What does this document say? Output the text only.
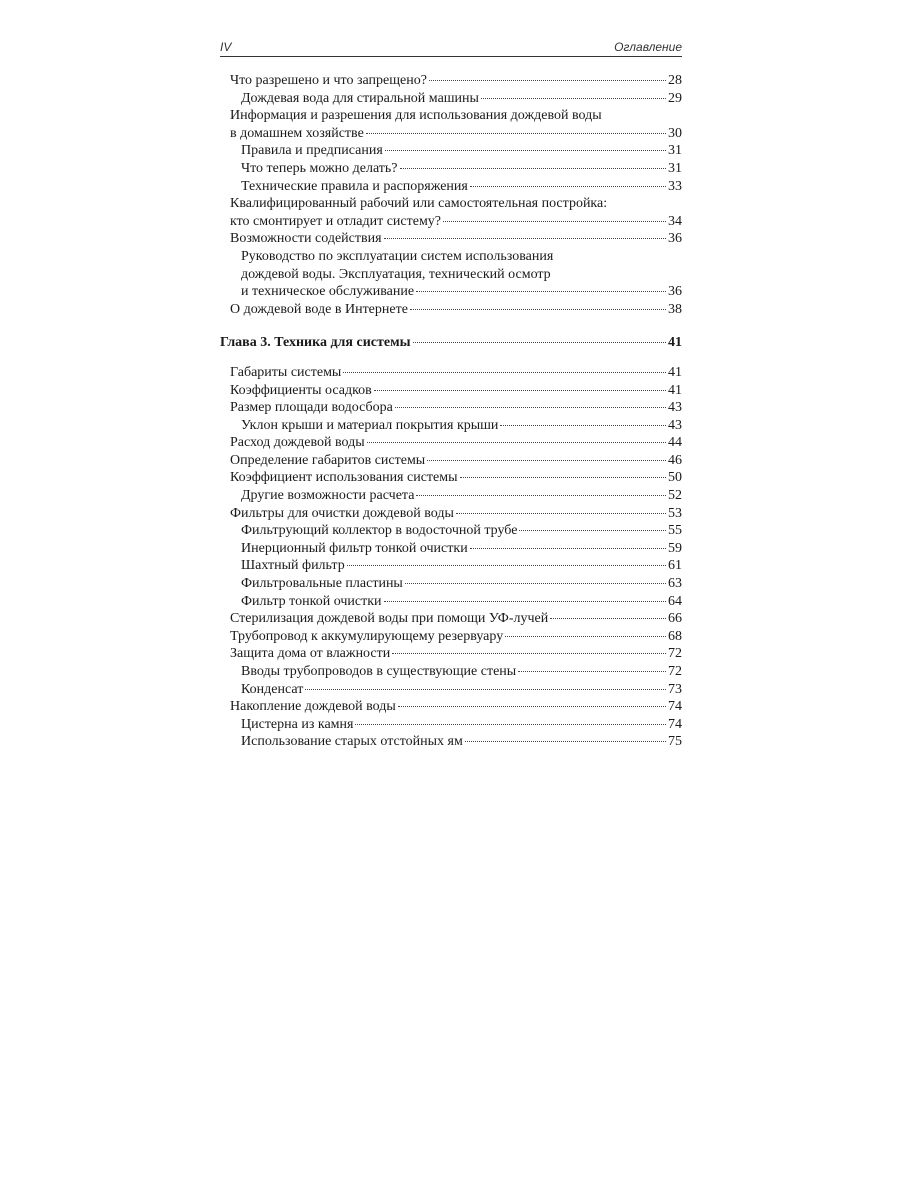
IV	Оглавление
Что разрешено и что запрещено?	28
Дождевая вода для стиральной машины	29
Информация и разрешения для использования дождевой воды
в домашнем хозяйстве	30
Правила и предписания	31
Что теперь можно делать?	31
Технические правила и распоряжения	33
Квалифицированный рабочий или самостоятельная постройка:
кто смонтирует и отладит систему?	34
Возможности содействия	36
Руководство по эксплуатации систем использования
дождевой воды. Эксплуатация, технический осмотр
и техническое обслуживание	36
О дождевой воде в Интернете	38
Глава 3. Техника для системы	41
Габариты системы	41
Коэффициенты осадков	41
Размер площади водосбора	43
Уклон крыши и материал покрытия крыши	43
Расход дождевой воды	44
Определение габаритов системы	46
Коэффициент использования системы	50
Другие возможности расчета	52
Фильтры для очистки дождевой воды	53
Фильтрующий коллектор в водосточной трубе	55
Инерционный фильтр тонкой очистки	59
Шахтный фильтр	61
Фильтровальные пластины	63
Фильтр тонкой очистки	64
Стерилизация дождевой воды при помощи УФ-лучей	66
Трубопровод к аккумулирующему резервуару	68
Защита дома от влажности	72
Вводы трубопроводов в существующие стены	72
Конденсат	73
Накопление дождевой воды	74
Цистерна из камня	74
Использование старых отстойных ям	75
